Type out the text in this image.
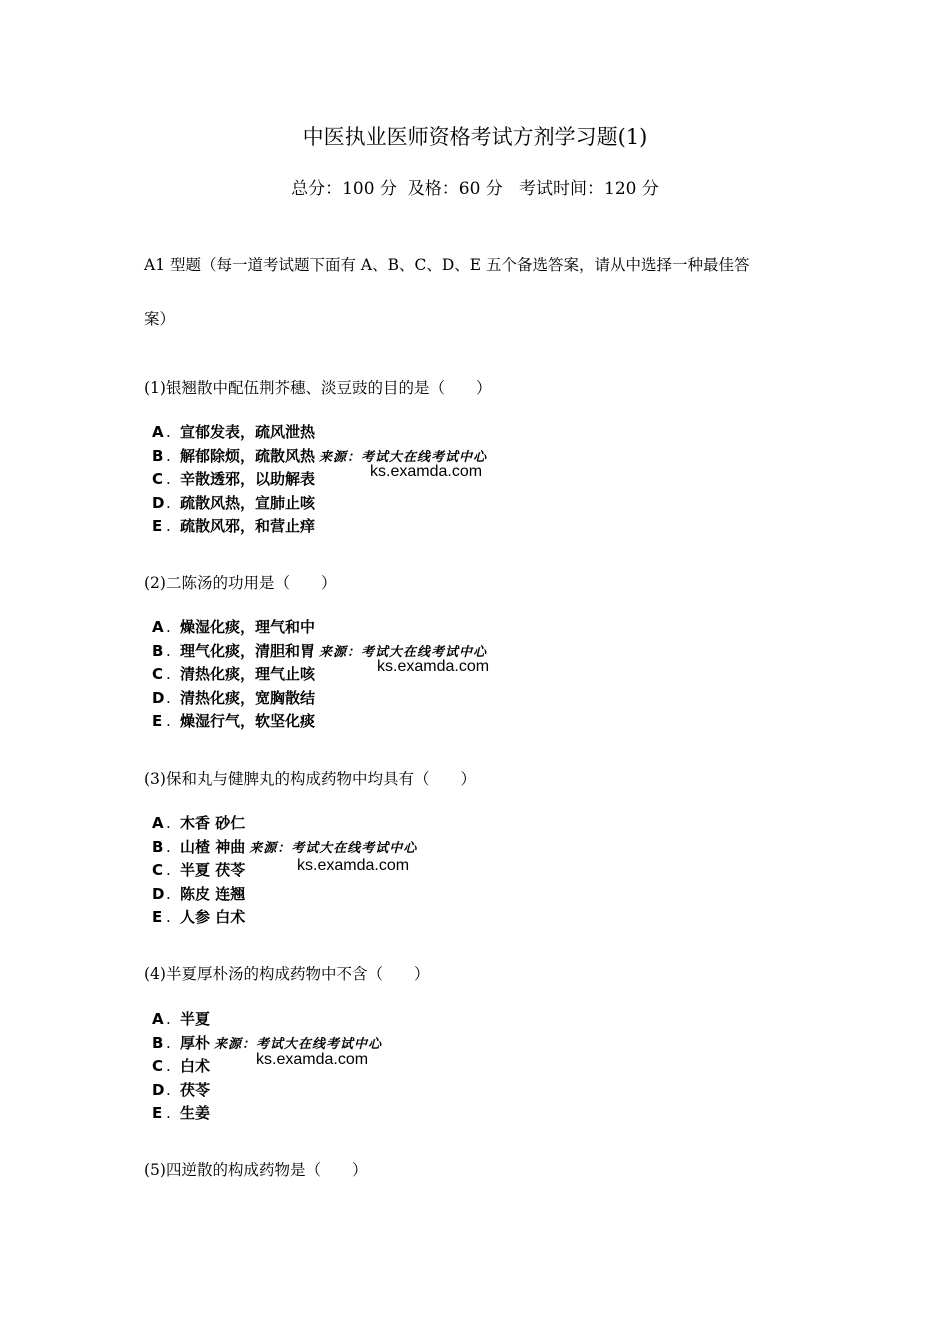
中医执业医师资格考试方剂学习题(1)
总分：100 分  及格：60 分   考试时间：120 分
A1 型题（每一道考试题下面有 A、B、C、D、E 五个备选答案，请从中选择一种最佳答
案）
(1)银翘散中配伍荆芥穗、淡豆豉的目的是（　　）
A . 宣郁发表，疏风泄热
B . 解郁除烦，疏散风热 来源：考试大在线考试中心
C . 辛散透邪，以助解表
D . 疏散风热，宣肺止咳
E . 疏散风邪，和营止痒
ks.examda.com
(2)二陈汤的功用是（　　）
A . 燥湿化痰，理气和中
B . 理气化痰，清胆和胃 来源：考试大在线考试中心
C . 清热化痰，理气止咳
D . 清热化痰，宽胸散结
E . 燥湿行气，软坚化痰
ks.examda.com
(3)保和丸与健脾丸的构成药物中均具有（　　）
A . 木香 砂仁
B . 山楂 神曲 来源：考试大在线考试中心
C . 半夏 茯苓
D . 陈皮 连翘
E . 人参 白术
ks.examda.com
(4)半夏厚朴汤的构成药物中不含（　　）
A . 半夏
B . 厚朴 来源：考试大在线考试中心
C . 白术
D . 茯苓
E . 生姜
ks.examda.com
(5)四逆散的构成药物是（　　）
